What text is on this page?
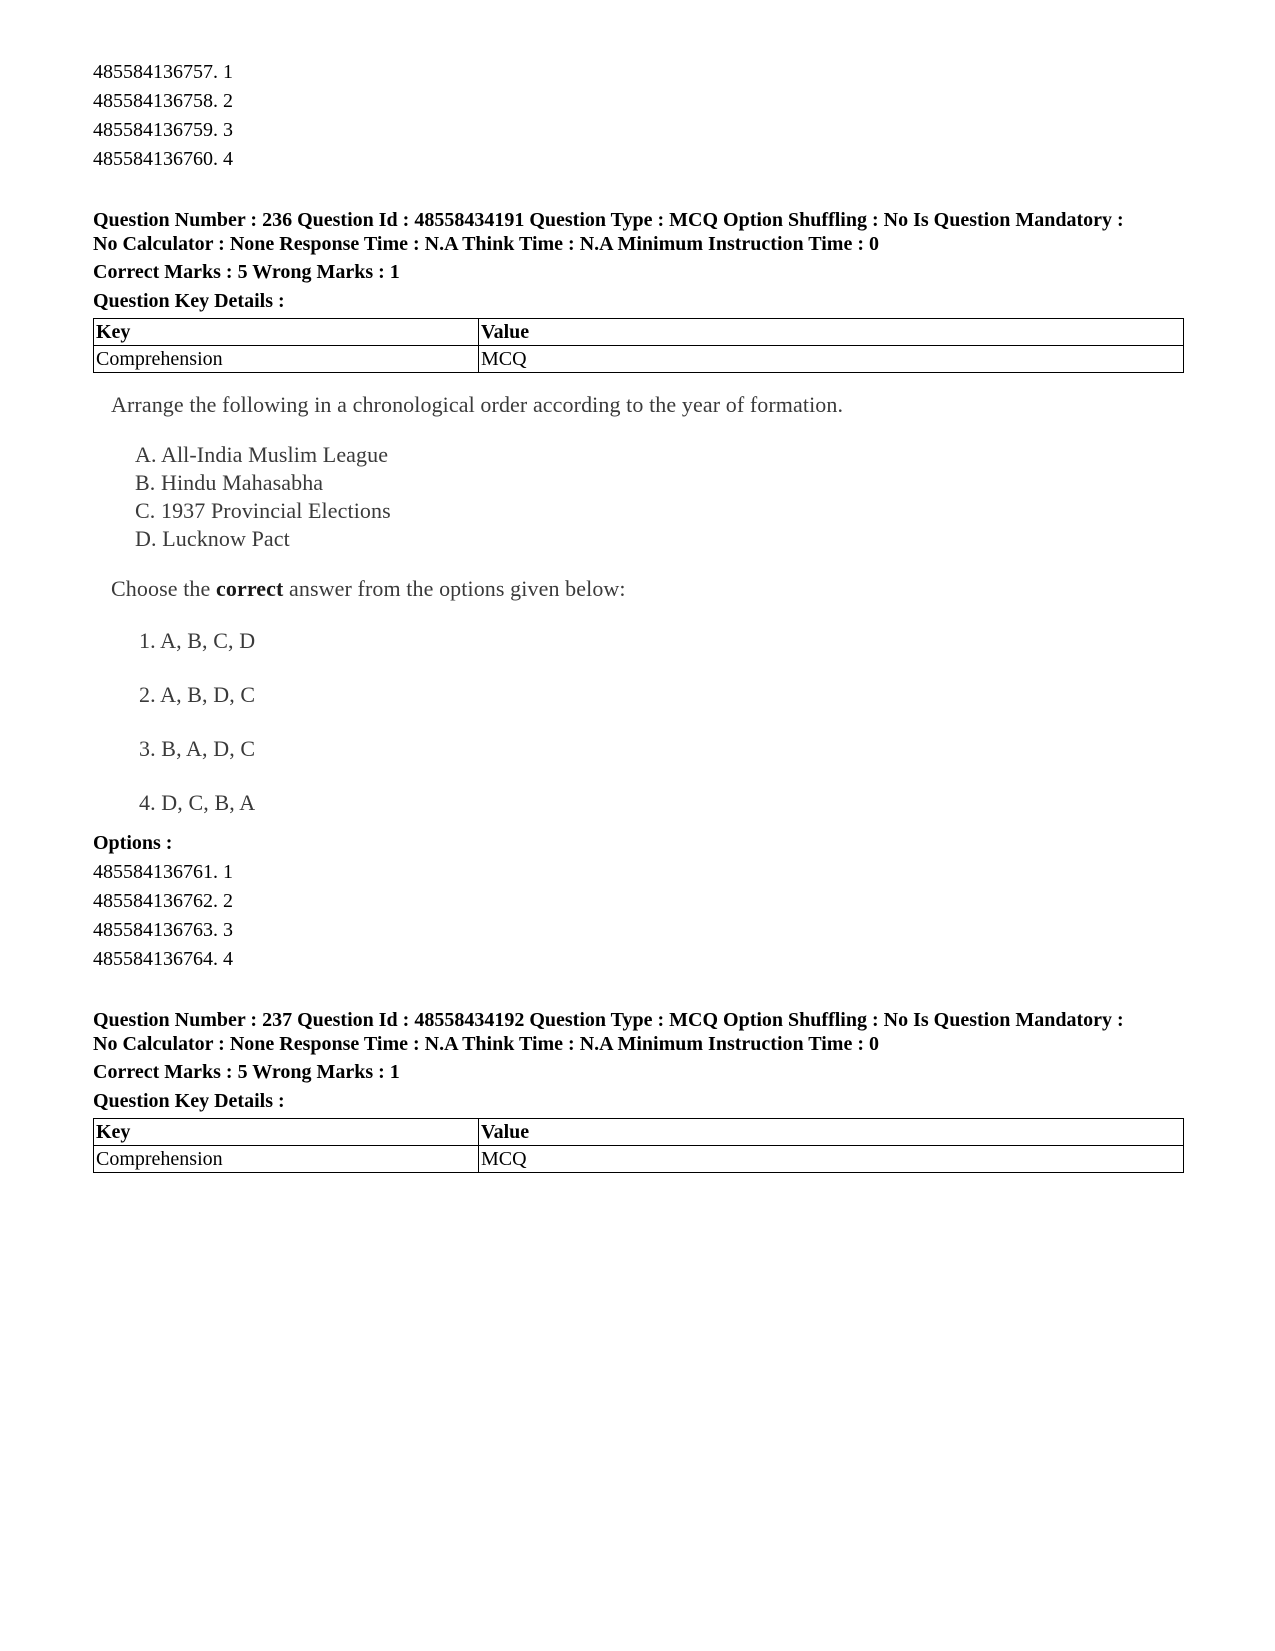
485584136757. 1
485584136758. 2
485584136759. 3
485584136760. 4
Question Number : 236 Question Id : 48558434191 Question Type : MCQ Option Shuffling : No Is Question Mandatory :
No Calculator : None Response Time : N.A Think Time : N.A Minimum Instruction Time : 0
Correct Marks : 5 Wrong Marks : 1
Question Key Details :
Key	Value
Comprehension	MCQ
Arrange the following in a chronological order according to the year of formation.
A. All-India Muslim League
B. Hindu Mahasabha
C. 1937 Provincial Elections
D. Lucknow Pact
Choose the correct answer from the options given below:
1. A, B, C, D
2. A, B, D, C
3. B, A, D, C
4. D, C, B, A
Options :
485584136761. 1
485584136762. 2
485584136763. 3
485584136764. 4
Question Number : 237 Question Id : 48558434192 Question Type : MCQ Option Shuffling : No Is Question Mandatory :
No Calculator : None Response Time : N.A Think Time : N.A Minimum Instruction Time : 0
Correct Marks : 5 Wrong Marks : 1
Question Key Details :
Key	Value
Comprehension	MCQ
